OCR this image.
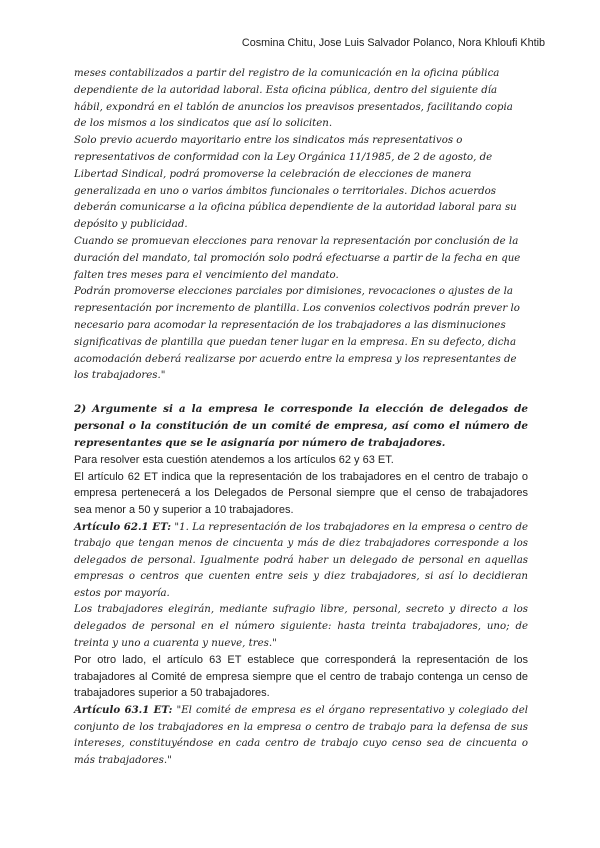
Cosmina Chitu, Jose Luis Salvador Polanco, Nora Khloufi Khtib

meses contabilizados a partir del registro de la comunicación en la oficina pública dependiente de la autoridad laboral. Esta oficina pública, dentro del siguiente día hábil, expondrá en el tablón de anuncios los preavisos presentados, facilitando copia de los mismos a los sindicatos que así lo soliciten.

Solo previo acuerdo mayoritario entre los sindicatos más representativos o representativos de conformidad con la Ley Orgánica 11/1985, de 2 de agosto, de Libertad Sindical, podrá promoverse la celebración de elecciones de manera generalizada en uno o varios ámbitos funcionales o territoriales. Dichos acuerdos deberán comunicarse a la oficina pública dependiente de la autoridad laboral para su depósito y publicidad.

Cuando se promuevan elecciones para renovar la representación por conclusión de la duración del mandato, tal promoción solo podrá efectuarse a partir de la fecha en que falten tres meses para el vencimiento del mandato.

Podrán promoverse elecciones parciales por dimisiones, revocaciones o ajustes de la representación por incremento de plantilla. Los convenios colectivos podrán prever lo necesario para acomodar la representación de los trabajadores a las disminuciones significativas de plantilla que puedan tener lugar en la empresa. En su defecto, dicha acomodación deberá realizarse por acuerdo entre la empresa y los representantes de los trabajadores."

2) Argumente si a la empresa le corresponde la elección de delegados de personal o la constitución de un comité de empresa, así como el número de representantes que se le asignaría por número de trabajadores.

Para resolver esta cuestión atendemos a los artículos 62 y 63 ET.

El artículo 62 ET indica que la representación de los trabajadores en el centro de trabajo o empresa pertenecerá a los Delegados de Personal siempre que el censo de trabajadores sea menor a 50 y superior a 10 trabajadores.

Artículo 62.1 ET: "1. La representación de los trabajadores en la empresa o centro de trabajo que tengan menos de cincuenta y más de diez trabajadores corresponde a los delegados de personal. Igualmente podrá haber un delegado de personal en aquellas empresas o centros que cuenten entre seis y diez trabajadores, si así lo decidieran estos por mayoría.

Los trabajadores elegirán, mediante sufragio libre, personal, secreto y directo a los delegados de personal en el número siguiente: hasta treinta trabajadores, uno; de treinta y uno a cuarenta y nueve, tres."

Por otro lado, el artículo 63 ET establece que corresponderá la representación de los trabajadores al Comité de empresa siempre que el centro de trabajo contenga un censo de trabajadores superior a 50 trabajadores.

Artículo 63.1 ET: "El comité de empresa es el órgano representativo y colegiado del conjunto de los trabajadores en la empresa o centro de trabajo para la defensa de sus intereses, constituyéndose en cada centro de trabajo cuyo censo sea de cincuenta o más trabajadores."
